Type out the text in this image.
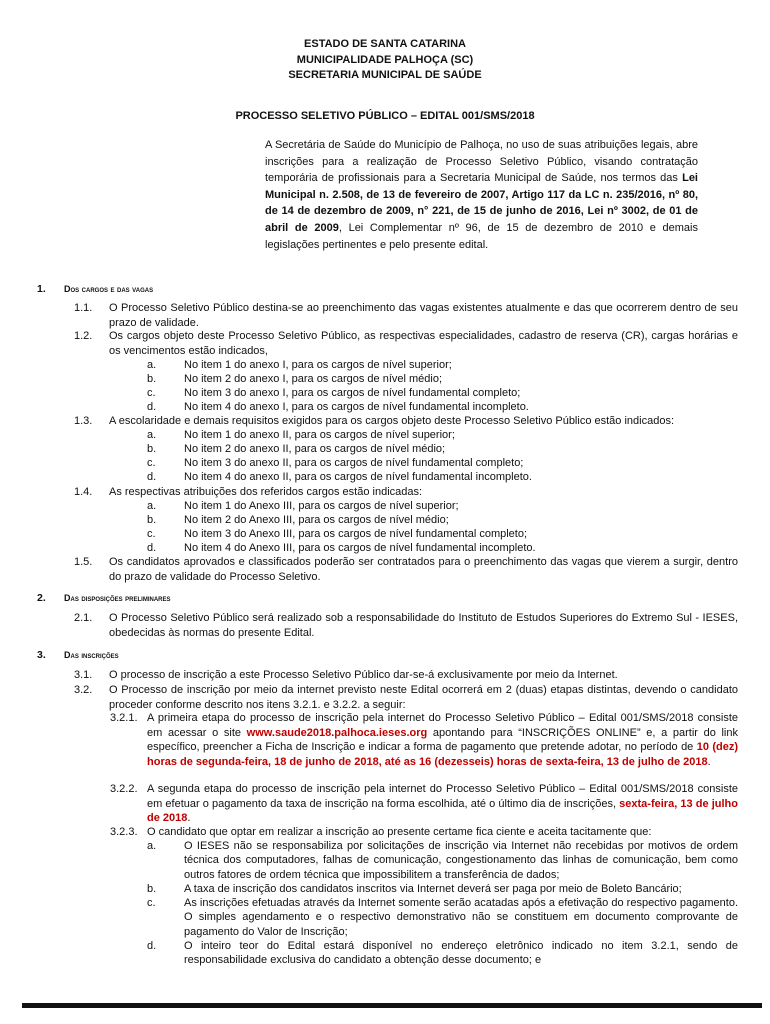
ESTADO DE SANTA CATARINA
MUNICIPALIDADE PALHOÇA (SC)
SECRETARIA MUNICIPAL DE SAÚDE
PROCESSO SELETIVO PÚBLICO – EDITAL 001/SMS/2018
A Secretária de Saúde do Município de Palhoça, no uso de suas atribuições legais, abre inscrições para a realização de Processo Seletivo Público, visando contratação temporária de profissionais para a Secretaria Municipal de Saúde, nos termos das Lei Municipal n. 2.508, de 13 de fevereiro de 2007, Artigo 117 da LC n. 235/2016, nº 80, de 14 de dezembro de 2009, n° 221, de 15 de junho de 2016, Lei nº 3002, de 01 de abril de 2009, Lei Complementar nº 96, de 15 de dezembro de 2010 e demais legislações pertinentes e pelo presente edital.
1. Dos cargos e das vagas
1.1. O Processo Seletivo Público destina-se ao preenchimento das vagas existentes atualmente e das que ocorrerem dentro de seu prazo de validade.
1.2. Os cargos objeto deste Processo Seletivo Público, as respectivas especialidades, cadastro de reserva (CR), cargas horárias e os vencimentos estão indicados,
a.	No item 1 do anexo I, para os cargos de nível superior;
b.	No item 2 do anexo I, para os cargos de nível médio;
c.	No item 3 do anexo I, para os cargos de nível fundamental completo;
d.	No item 4 do anexo I, para os cargos de nível fundamental incompleto.
1.3. A escolaridade e demais requisitos exigidos para os cargos objeto deste Processo Seletivo Público estão indicados:
a.	No item 1 do anexo II, para os cargos de nível superior;
b.	No item 2 do anexo II, para os cargos de nível médio;
c.	No item 3 do anexo II, para os cargos de nível fundamental completo;
d.	No item 4 do anexo II, para os cargos de nível fundamental incompleto.
1.4. As respectivas atribuições dos referidos cargos estão indicadas:
a.	No item 1 do Anexo III, para os cargos de nível superior;
b.	No item 2 do Anexo III, para os cargos de nível médio;
c.	No item 3 do Anexo III, para os cargos de nível fundamental completo;
d.	No item 4 do Anexo III, para os cargos de nível fundamental incompleto.
1.5. Os candidatos aprovados e classificados poderão ser contratados para o preenchimento das vagas que vierem a surgir, dentro do prazo de validade do Processo Seletivo.
2. Das disposições preliminares
2.1. O Processo Seletivo Público será realizado sob a responsabilidade do Instituto de Estudos Superiores do Extremo Sul - IESES, obedecidas às normas do presente Edital.
3. Das inscrições
3.1. O processo de inscrição a este Processo Seletivo Público dar-se-á exclusivamente por meio da Internet.
3.2. O Processo de inscrição por meio da internet previsto neste Edital ocorrerá em 2 (duas) etapas distintas, devendo o candidato proceder conforme descrito nos itens 3.2.1. e 3.2.2. a seguir:
3.2.1. A primeira etapa do processo de inscrição pela internet do Processo Seletivo Público – Edital 001/SMS/2018 consiste em acessar o site www.saude2018.palhoca.ieses.org apontando para “INSCRIÇÕES ONLINE” e, a partir do link específico, preencher a Ficha de Inscrição e indicar a forma de pagamento que pretende adotar, no período de 10 (dez) horas de segunda-feira, 18 de junho de 2018, até as 16 (dezesseis) horas de sexta-feira, 13 de julho de 2018.
3.2.2. A segunda etapa do processo de inscrição pela internet do Processo Seletivo Público – Edital 001/SMS/2018 consiste em efetuar o pagamento da taxa de inscrição na forma escolhida, até o último dia de inscrições, sexta-feira, 13 de julho de 2018.
3.2.3. O candidato que optar em realizar a inscrição ao presente certame fica ciente e aceita tacitamente que:
a.	O IESES não se responsabiliza por solicitações de inscrição via Internet não recebidas por motivos de ordem técnica dos computadores, falhas de comunicação, congestionamento das linhas de comunicação, bem como outros fatores de ordem técnica que impossibilitem a transferência de dados;
b.	A taxa de inscrição dos candidatos inscritos via Internet deverá ser paga por meio de Boleto Bancário;
c.	As inscrições efetuadas através da Internet somente serão acatadas após a efetivação do respectivo pagamento. O simples agendamento e o respectivo demonstrativo não se constituem em documento comprovante de pagamento do Valor de Inscrição;
d.	O inteiro teor do Edital estará disponível no endereço eletrônico indicado no item 3.2.1, sendo de responsabilidade exclusiva do candidato a obtenção desse documento; e
